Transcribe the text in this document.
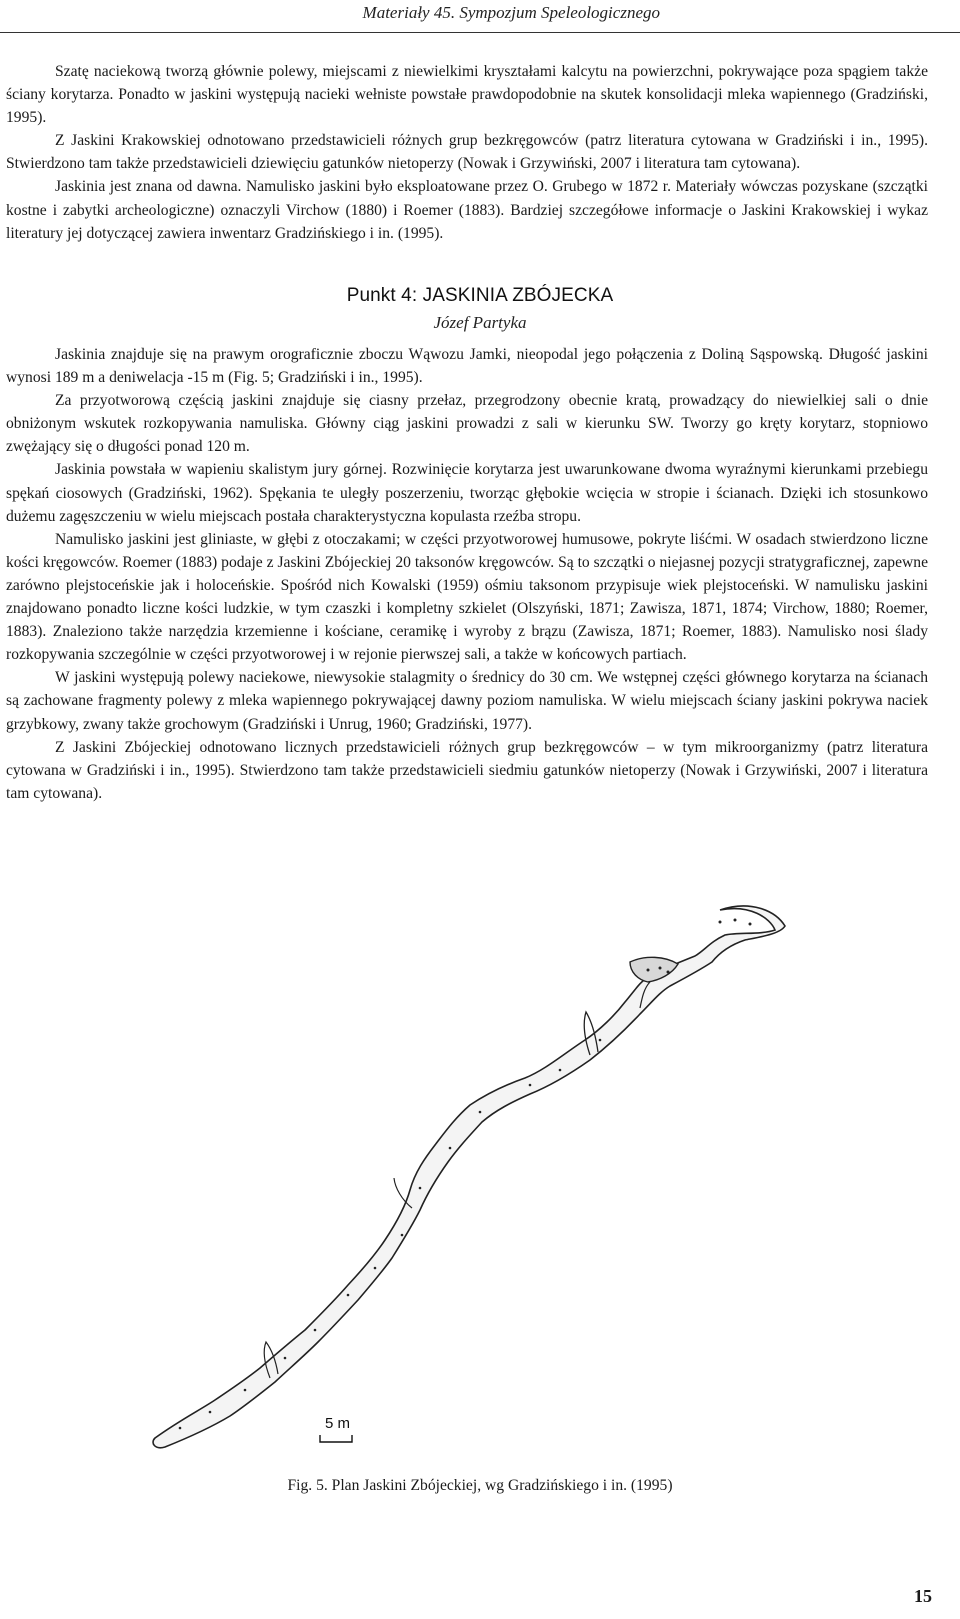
Materiały 45. Sympozjum Speleologicznego

Szatę naciekową tworzą głównie polewy, miejscami z niewielkimi kryształami kalcytu na powierzchni, pokrywające poza spągiem także ściany korytarza. Ponadto w jaskini występują nacieki wełniste powstałe prawdopodobnie na skutek konsolidacji mleka wapiennego (Gradziński, 1995).

Z Jaskini Krakowskiej odnotowano przedstawicieli różnych grup bezkręgowców (patrz literatura cytowana w Gradziński i in., 1995). Stwierdzono tam także przedstawicieli dziewięciu gatunków nietoperzy (Nowak i Grzywiński, 2007 i literatura tam cytowana).

Jaskinia jest znana od dawna. Namulisko jaskini było eksploatowane przez O. Grubego w 1872 r. Materiały wówczas pozyskane (szczątki kostne i zabytki archeologiczne) oznaczyli Virchow (1880) i Roemer (1883). Bardziej szczegółowe informacje o Jaskini Krakowskiej i wykaz literatury jej dotyczącej zawiera inwentarz Gradzińskiego i in. (1995).

Punkt 4: JASKINIA ZBÓJECKA

Józef Partyka

Jaskinia znajduje się na prawym orograficznie zboczu Wąwozu Jamki, nieopodal jego połączenia z Doliną Sąspowską. Długość jaskini wynosi 189 m a deniwelacja -15 m (Fig. 5; Gradziński i in., 1995).

Za przyotworową częścią jaskini znajduje się ciasny przełaz, przegrodzony obecnie kratą, prowadzący do niewielkiej sali o dnie obniżonym wskutek rozkopywania namuliska. Główny ciąg jaskini prowadzi z sali w kierunku SW. Tworzy go kręty korytarz, stopniowo zwężający się o długości ponad 120 m.

Jaskinia powstała w wapieniu skalistym jury górnej. Rozwinięcie korytarza jest uwarunkowane dwoma wyraźnymi kierunkami przebiegu spękań ciosowych (Gradziński, 1962). Spękania te uległy poszerzeniu, tworząc głębokie wcięcia w stropie i ścianach. Dzięki ich stosunkowo dużemu zagęszczeniu w wielu miejscach postała charakterystyczna kopulasta rzeźba stropu.

Namulisko jaskini jest gliniaste, w głębi z otoczakami; w części przyotworowej humusowe, pokryte liśćmi. W osadach stwierdzono liczne kości kręgowców. Roemer (1883) podaje z Jaskini Zbójeckiej 20 taksonów kręgowców. Są to szczątki o niejasnej pozycji stratygraficznej, zapewne zarówno plejstoceńskie jak i holoceńskie. Spośród nich Kowalski (1959) ośmiu taksonom przypisuje wiek plejstoceński. W namulisku jaskini znajdowano ponadto liczne kości ludzkie, w tym czaszki i kompletny szkielet (Olszyński, 1871; Zawisza, 1871, 1874; Virchow, 1880; Roemer, 1883). Znaleziono także narzędzia krzemienne i kościane, ceramikę i wyroby z brązu (Zawisza, 1871; Roemer, 1883). Namulisko nosi ślady rozkopywania szczególnie w części przyotworowej i w rejonie pierwszej sali, a także w końcowych partiach.

W jaskini występują polewy naciekowe, niewysokie stalagmity o średnicy do 30 cm. We wstępnej części głównego korytarza na ścianach są zachowane fragmenty polewy z mleka wapiennego pokrywającej dawny poziom namuliska. W wielu miejscach ściany jaskini pokrywa naciek grzybkowy, zwany także grochowym (Gradziński i Unrug, 1960; Gradziński, 1977).

Z Jaskini Zbójeckiej odnotowano licznych przedstawicieli różnych grup bezkręgowców – w tym mikroorganizmy (patrz literatura cytowana w Gradziński i in., 1995). Stwierdzono tam także przedstawicieli siedmiu gatunków nietoperzy (Nowak i Grzywiński, 2007 i literatura tam cytowana).

5 m

Fig. 5. Plan Jaskini Zbójeckiej, wg Gradzińskiego i in. (1995)

15
